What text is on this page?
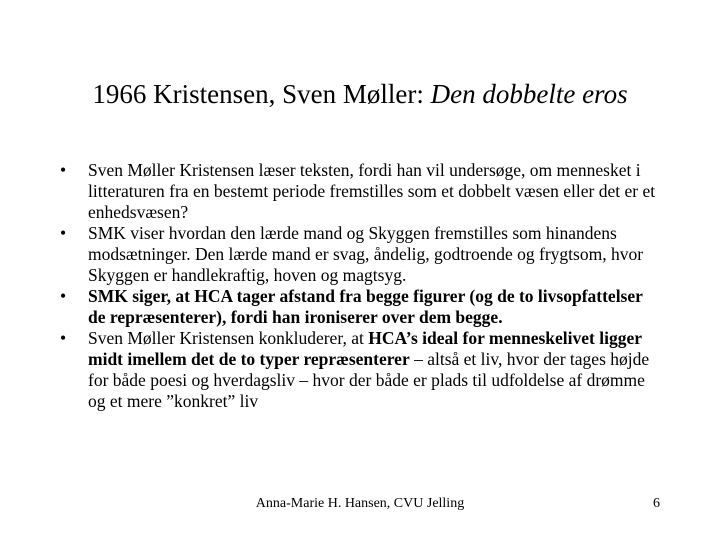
1966 Kristensen, Sven Møller: Den dobbelte eros
•	Sven Møller Kristensen læser teksten, fordi han vil undersøge, om mennesket i litteraturen fra en bestemt periode fremstilles som et dobbelt væsen eller det er et enhedsvæsen?
•	SMK viser hvordan den lærde mand og Skyggen fremstilles som hinandens modsætninger. Den lærde mand er svag, åndelig, godtroende og frygtsom, hvor Skyggen er handlekraftig, hoven og magtsyg.
•	SMK siger, at HCA tager afstand fra begge figurer (og de to livsopfattelser de repræsenterer), fordi han ironiserer over dem begge.
•	Sven Møller Kristensen konkluderer, at HCA’s ideal for menneskelivet ligger midt imellem det de to typer repræsenterer – altså et liv, hvor der tages højde for både poesi og hverdagsliv – hvor der både er plads til udfoldelse af drømme og et mere ”konkret” liv
Anna-Marie H. Hansen, CVU Jelling	6
